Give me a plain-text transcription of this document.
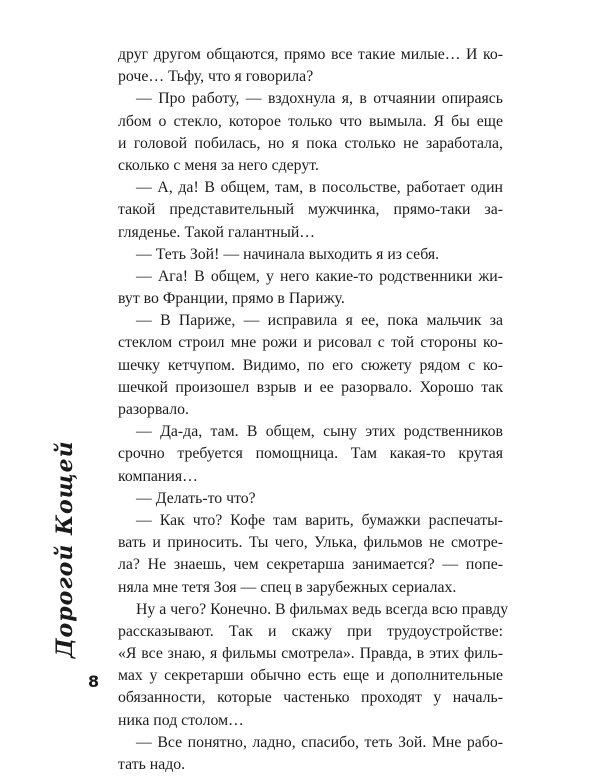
друг другом общаются, прямо все такие милые… И ко-
роче… Тьфу, что я говорила?
— Про работу, — вздохнула я, в отчаянии опираясь
лбом о стекло, которое только что вымыла. Я бы еще
и головой побилась, но я пока столько не заработала,
сколько с меня за него сдерут.
— А, да! В общем, там, в посольстве, работает один
такой представительный мужчинка, прямо-таки за-
гляденье. Такой галантный…
— Теть Зой! — начинала выходить я из себя.
— Ага! В общем, у него какие-то родственники жи-
вут во Франции, прямо в Парижу.
— В Париже, — исправила я ее, пока мальчик за
стеклом строил мне рожи и рисовал с той стороны ко-
шечку кетчупом. Видимо, по его сюжету рядом с ко-
шечкой произошел взрыв и ее разорвало. Хорошо так
разорвало.
— Да-да, там. В общем, сыну этих родственников
срочно требуется помощница. Там какая-то крутая
компания…
— Делать-то что?
— Как что? Кофе там варить, бумажки распечаты-
вать и приносить. Ты чего, Улька, фильмов не смотре-
ла? Не знаешь, чем секретарша занимается? — попе-
няла мне тетя Зоя — спец в зарубежных сериалах.
Ну а чего? Конечно. В фильмах ведь всегда всю правду
рассказывают. Так и скажу при трудоустройстве:
«Я все знаю, я фильмы смотрела». Правда, в этих филь-
мах у секретарши обычно есть еще и дополнительные
обязанности, которые частенько проходят у началь-
ника под столом…
— Все понятно, ладно, спасибо, теть Зой. Мне рабо-
тать надо.
Дорогой Кощей
8
